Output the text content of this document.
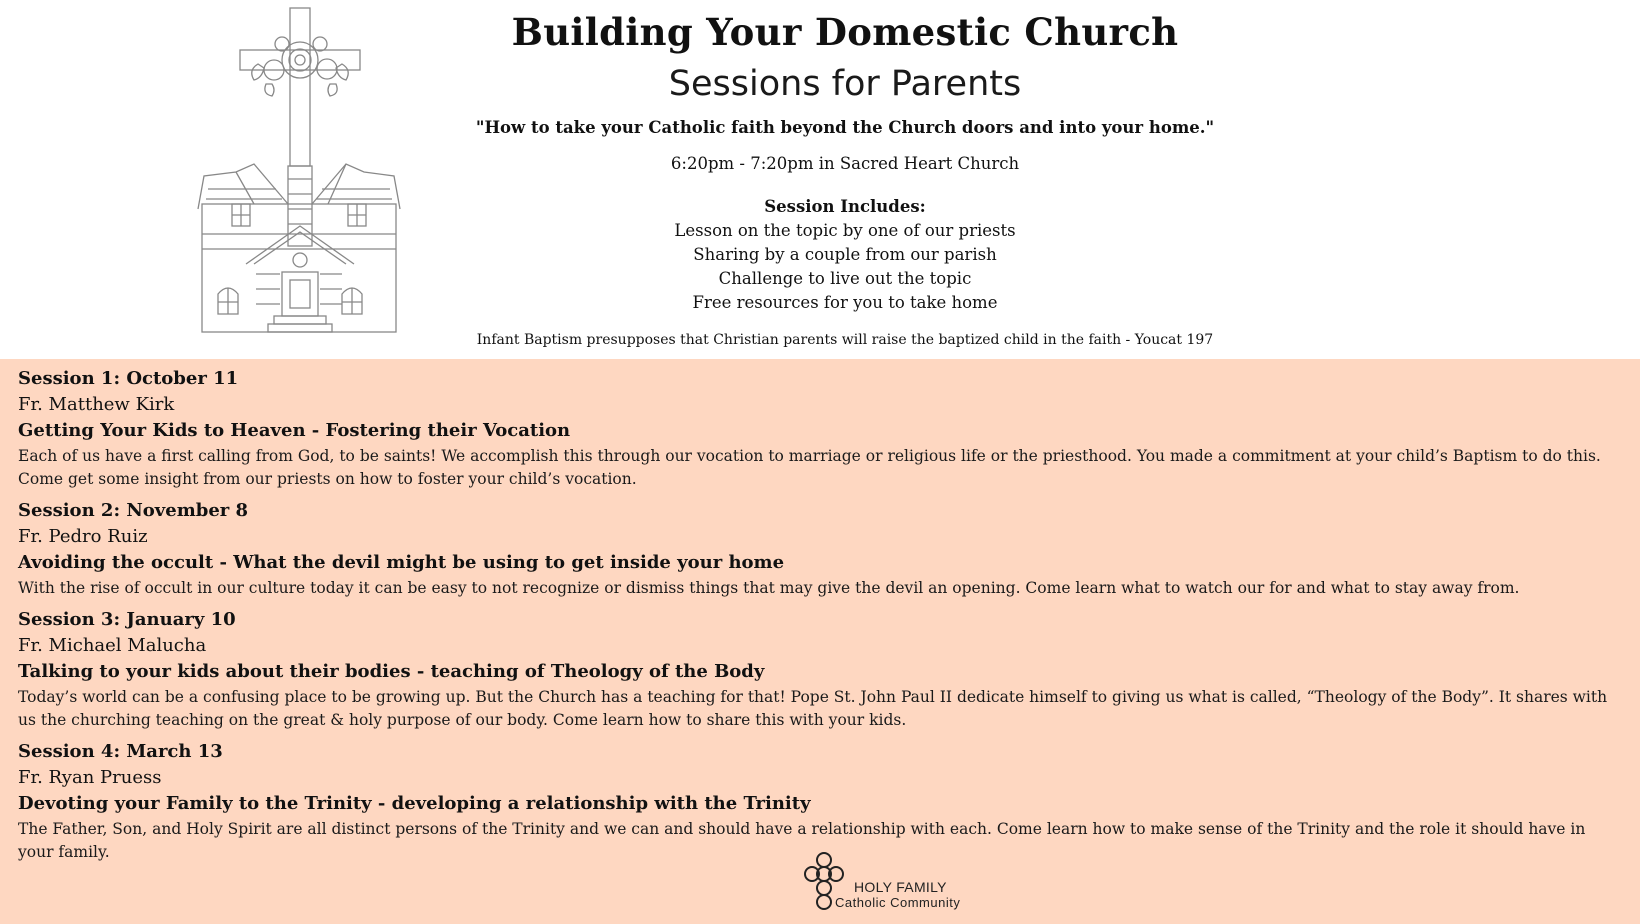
Building Your Domestic Church
Sessions for Parents
"How to take your Catholic faith beyond the Church doors and into your home."
6:20pm - 7:20pm in Sacred Heart Church
Session Includes:
Lesson on the topic by one of our priests
Sharing by a couple from our parish
Challenge to live out the topic
Free resources for you to take home
Infant Baptism presupposes that Christian parents will raise the baptized child in the faith - Youcat 197
Session 1: October 11
Fr. Matthew Kirk
Getting Your Kids to Heaven - Fostering their Vocation
Each of us have a first calling from God, to be saints! We accomplish this through our vocation to marriage or religious life or the priesthood. You made a commitment at your child’s Baptism to do this. Come get some insight from our priests on how to foster your child’s vocation.
Session 2: November 8
Fr. Pedro Ruiz
Avoiding the occult - What the devil might be using to get inside your home
With the rise of occult in our culture today it can be easy to not recognize or dismiss things that may give the devil an opening. Come learn what to watch our for and what to stay away from.
Session 3: January 10
Fr. Michael Malucha
Talking to your kids about their bodies - teaching of Theology of the Body
Today’s world can be a confusing place to be growing up. But the Church has a teaching for that! Pope St. John Paul II dedicate himself to giving us what is called, “Theology of the Body”. It shares with us the churching teaching on the great & holy purpose of our body. Come learn how to share this with your kids.
Session 4: March 13
Fr. Ryan Pruess
Devoting your Family to the Trinity - developing a relationship with the Trinity
The Father, Son, and Holy Spirit are all distinct persons of the Trinity and we can and should have a relationship with each. Come learn how to make sense of the Trinity and the role it should have in your family.
HOLY FAMILY
Catholic Community
